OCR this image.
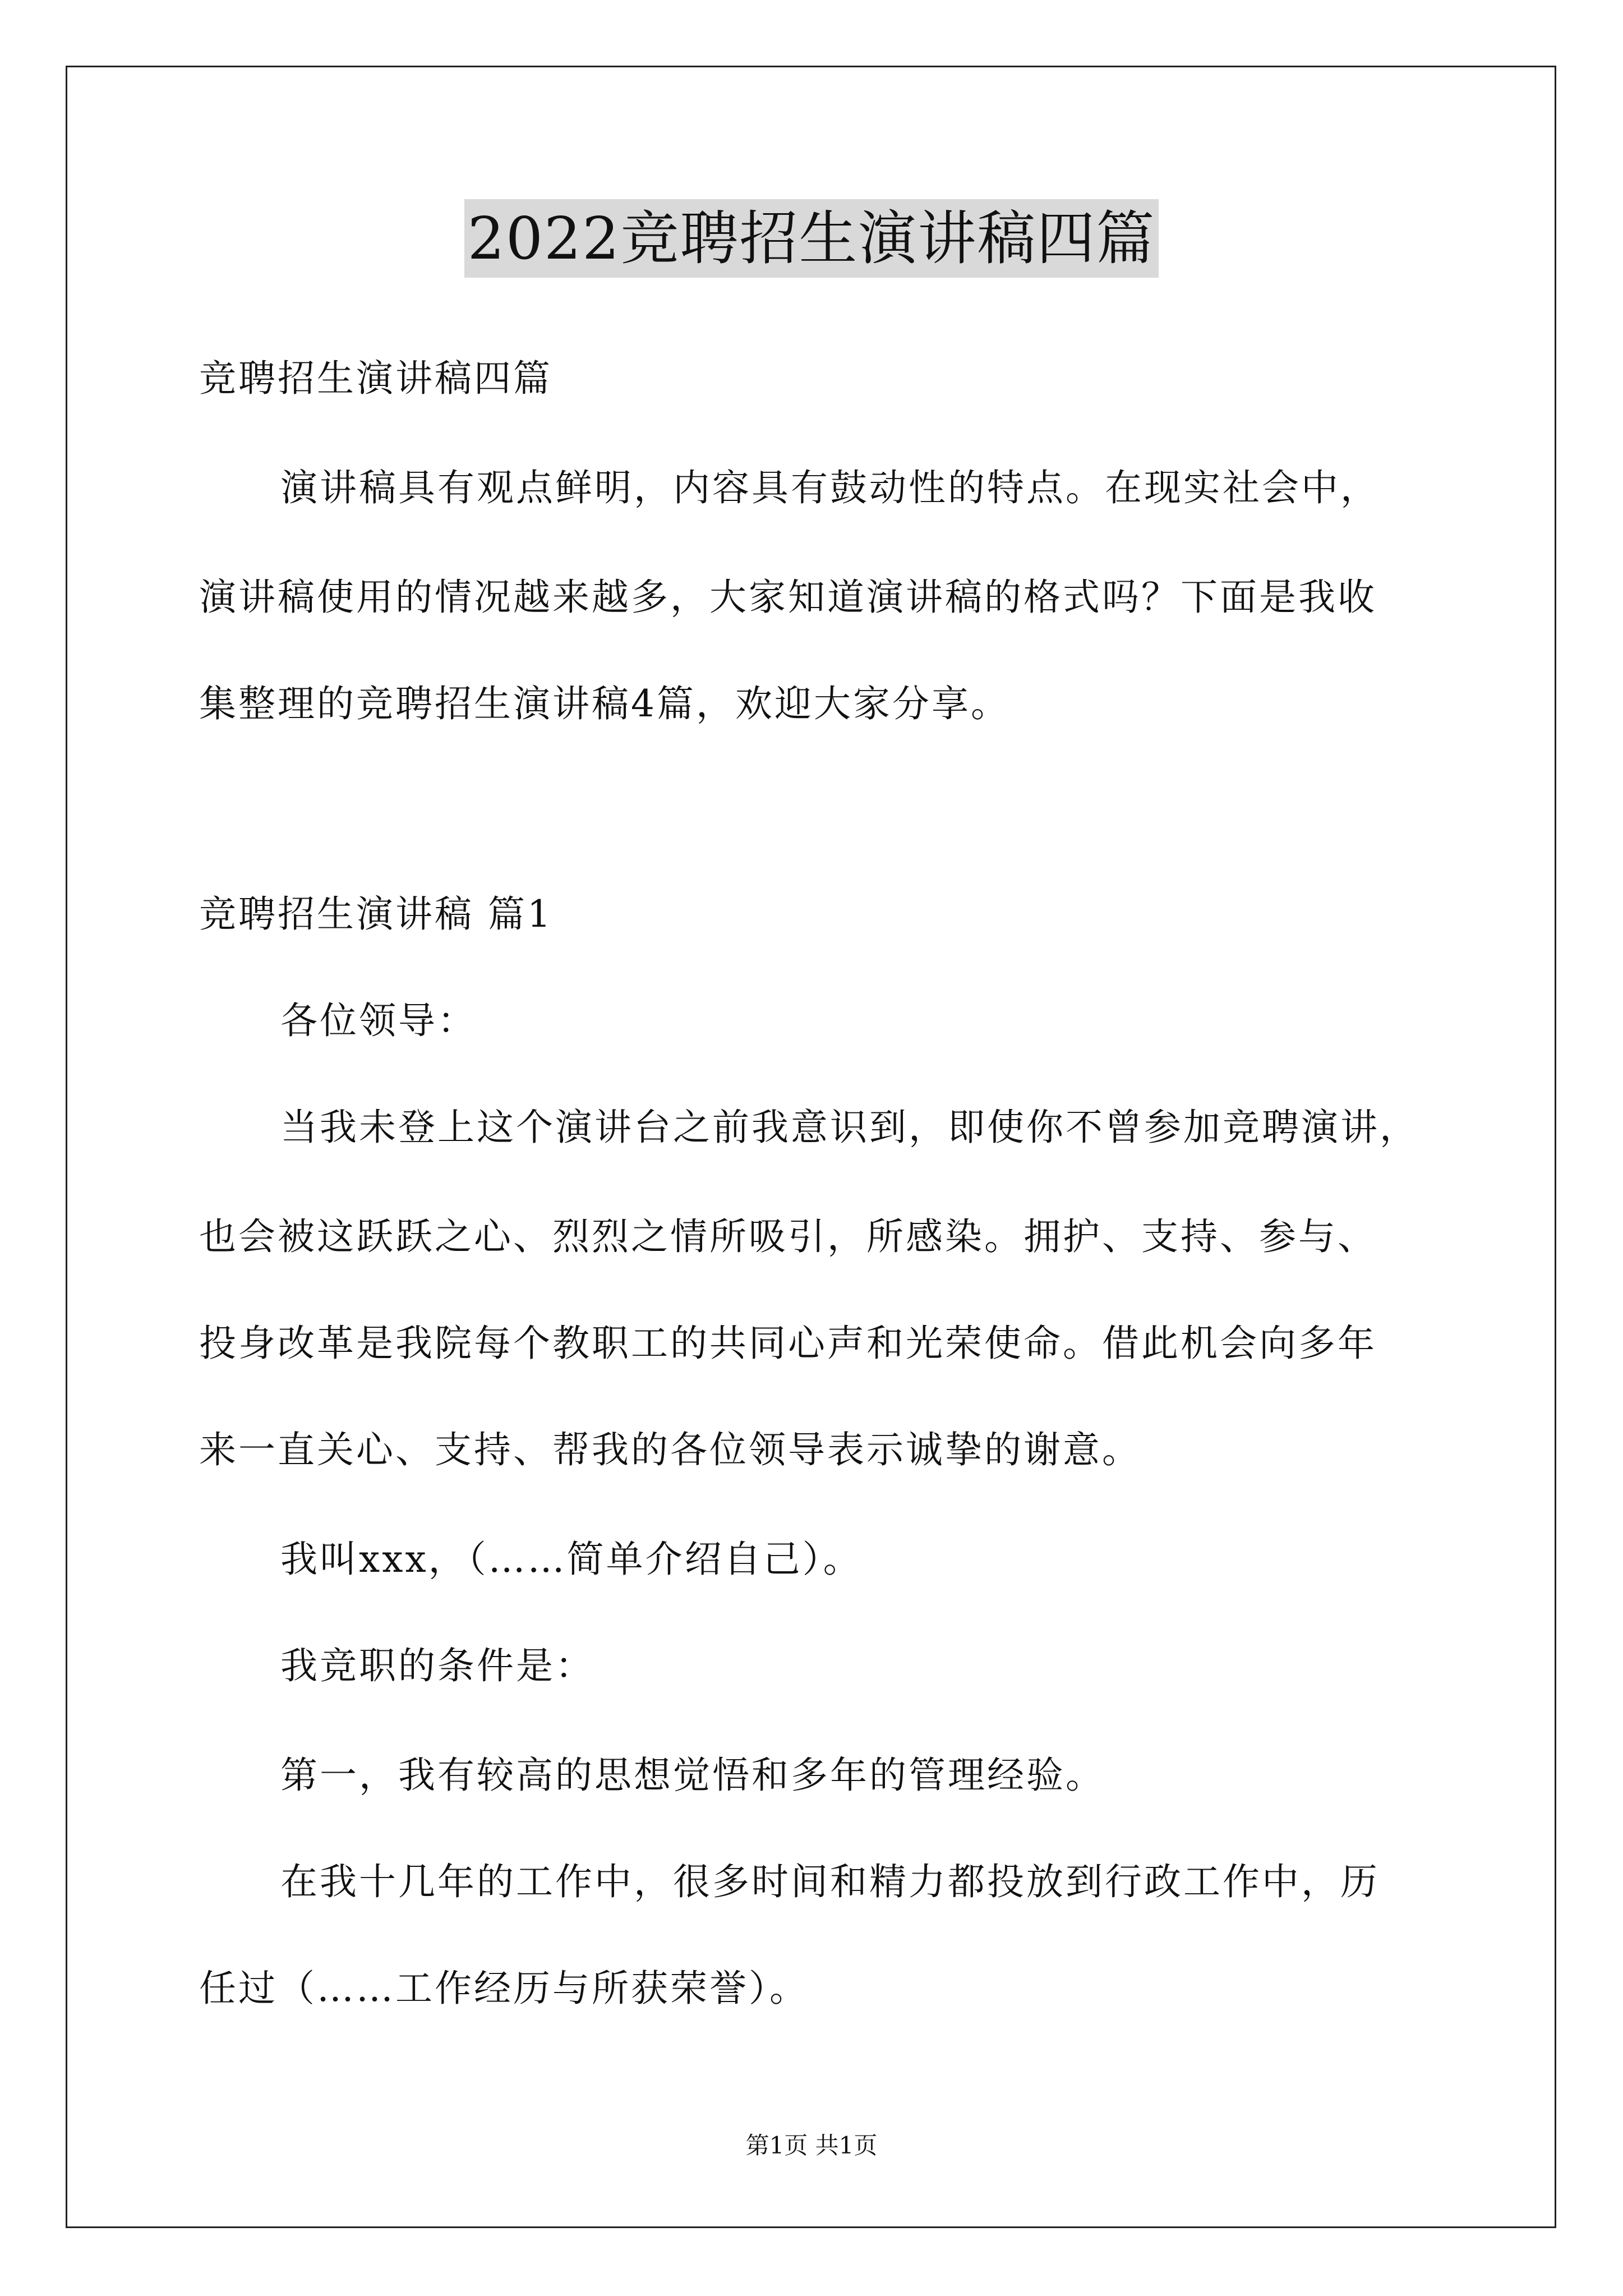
2022竞聘招生演讲稿四篇
竞聘招生演讲稿四篇
演讲稿具有观点鲜明，内容具有鼓动性的特点。在现实社会中，
演讲稿使用的情况越来越多，大家知道演讲稿的格式吗？下面是我收
集整理的竞聘招生演讲稿4篇，欢迎大家分享。
竞聘招生演讲稿 篇1
各位领导：
当我未登上这个演讲台之前我意识到，即使你不曾参加竞聘演讲，
也会被这跃跃之心、烈烈之情所吸引，所感染。拥护、支持、参与、
投身改革是我院每个教职工的共同心声和光荣使命。借此机会向多年
来一直关心、支持、帮我的各位领导表示诚挚的谢意。
我叫xxx，（……简单介绍自己）。
我竞职的条件是：
第一，我有较高的思想觉悟和多年的管理经验。
在我十几年的工作中，很多时间和精力都投放到行政工作中，历
任过（……工作经历与所获荣誉）。
第1页 共1页
